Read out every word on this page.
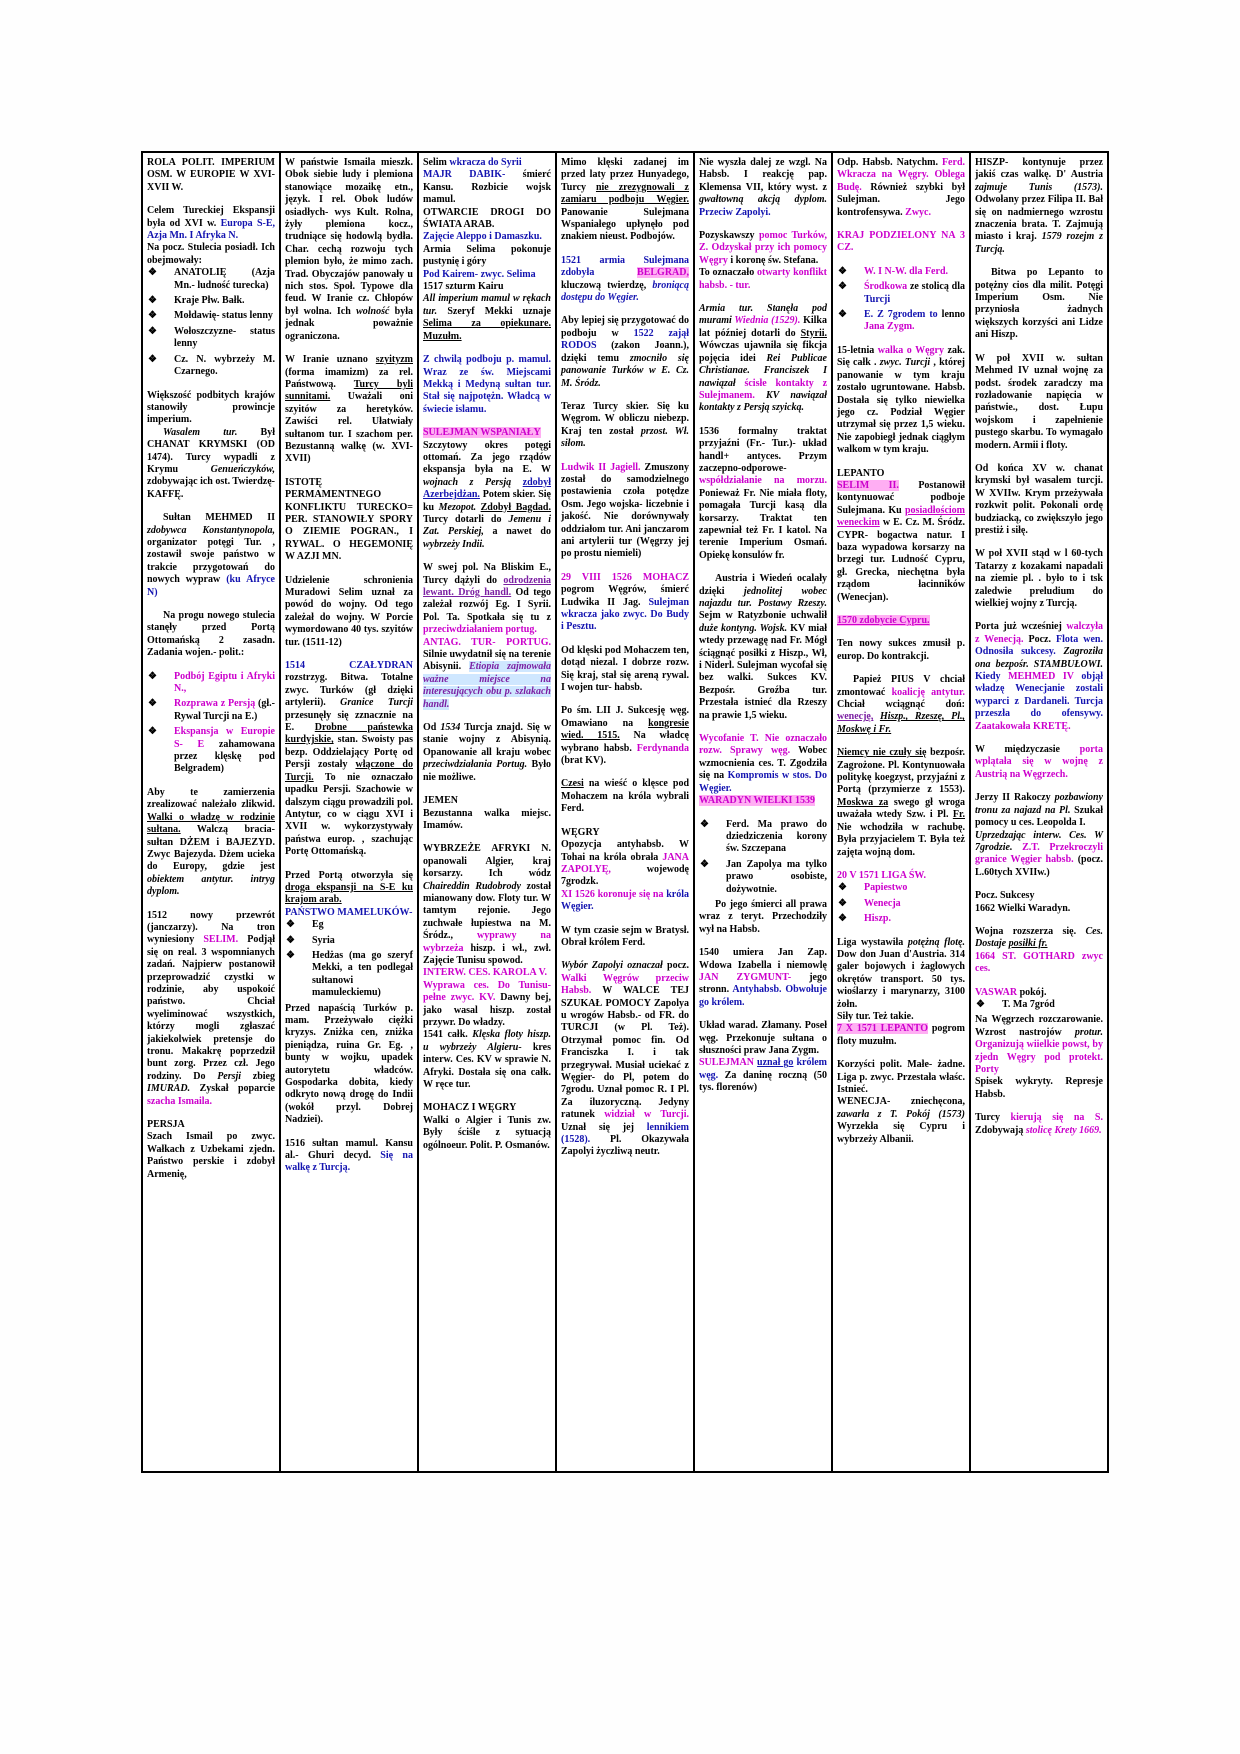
ROLA POLIT. IMPERIUM OSM. W EUROPIE W XVI-XVII W.
Celem Tureckiej Ekspansji była od XVI w. Europa S-E, Azja Mn. I Afryka N.
Na pocz. Stulecia posiadł. Ich obejmowały:
❖	ANATOLIĘ (Azja Mn.- ludność turecka)
❖	Kraje Płw. Bałk.
❖	Mołdawię- status lenny
❖	Wołoszczyzne- status lenny
❖	Cz. N. wybrzeży M. Czarnego.
Większość podbitych krajów stanowiły prowincje imperium.
Wasalem tur. Był CHANAT KRYMSKI (OD 1474). Turcy wypadli z Krymu Genueńczyków, zdobywając ich ost. Twierdzę- KAFFĘ.
Sułtan MEHMED II zdobywca Konstantynopola, organizator potęgi Tur. , zostawił swoje państwo w trakcie przygotowań do nowych wypraw (ku Afryce N)
Na progu nowego stulecia stanęły przed Portą Ottomańską 2 zasadn. Zadania wojen.- polit.:
❖	Podbój Egiptu i Afryki N.,
❖	Rozprawa z Persją (gł.- Rywal Turcji na E.)
❖	Ekspansja w Europie S- E zahamowana przez klęskę pod Belgradem)
Aby te zamierzenia zrealizować należało zlikwid. Walki o władzę w rodzinie sułtana. Walczą bracia- sułtan DŻEM i BAJEZYD. Zwyc Bajezyda. Dżem ucieka do Europy, gdzie jest obiektem antytur. intryg dyplom.
1512 nowy przewrót (janczarzy). Na tron wyniesiony SELIM. Podjął się on real. 3 wspomnianych zadań. Najpierw postanowił przeprowadzić czystki w rodzinie, aby uspokoić państwo. Chciał wyeliminować wszystkich, którzy mogli zgłaszać jakiekolwiek pretensje do tronu. Makakrę poprzedził bunt zorg. Przez czł. Jego rodziny. Do Persji zbieg IMURAD. Zyskał poparcie szacha Ismaila.
PERSJA
Szach Ismail po zwyc. Wałkach z Uzbekami zjedn. Państwo perskie i zdobył Armenię,
W państwie Ismaila mieszk. Obok siebie ludy i plemiona stanowiące mozaikę etn., język. I rel. Obok ludów osiadłych- wys Kult. Rolna, żyły plemiona kocz., trudniące się hodowlą bydła. Char. cechą rozwoju tych plemion było, że mimo zach. Trad. Obyczajów panowały u nich stos. Społ. Typowe dla feud. W Iranie cz. Chłopów był wolna. Ich wolność była jednak poważnie ograniczona.
W Iranie uznano szyityzm (forma imamizm) za rel. Państwową. Turcy byli sunnitami. Uważali oni szyitów za heretyków. Zawiści rel. Ułatwiały sułtanom tur. I szachom per. Bezustanną walkę (w. XVI- XVII)
ISTOTĘ PERMAMENTNEGO KONFLIKTU TURECKO= PER. STANOWIŁY SPORY O ZIEMIE POGRAN., I RYWAL. O HEGEMONIĘ W AZJI MN.
Udzielenie schronienia Muradowi Selim uznał za powód do wojny. Od tego zależał do wojny. W Porcie wymordowano 40 tys. szyitów tur. (1511-12)
1514 CZAŁYDRAN rozstrzyg. Bitwa. Totalne zwyc. Turków (gł dzięki artylerii). Granice Turcji przesunęły się zznacznie na E. Drobne państewka kurdyjskie, stan. Swoisty pas bezp. Oddzielający Portę od Persji zostały włączone do Turcji. To nie oznaczało upadku Persji. Szachowie w dalszym ciągu prowadzili pol. Antytur, co w ciągu XVI i XVII w. wykorzystywały państwa europ. , szachując Portę Ottomańską.
Przed Portą otworzyła się droga ekspansji na S-E ku krajom arab.
PAŃSTWO MAMELUKÓW-
❖	Eg
❖	Syria
❖	Hedżas (ma go szeryf Mekki, a ten podlegał sułtanowi mamuleckiemu)
Przed napaścią Turków p. mam. Przeżywało ciężki kryzys. Zniżka cen, zniżka pieniądza, ruina Gr. Eg. , bunty w wojku, upadek autorytetu władców. Gospodarka dobita, kiedy odkryto nową drogę do Indii (wokół przyl. Dobrej Nadziei).
1516 sułtan mamul. Kansu al.- Ghuri decyd. Się na walkę z Turcją.
Selim wkracza do Syrii
MAJR DABIK- śmierć Kansu. Rozbicie wojsk mamul.
OTWARCIE DROGI DO ŚWIATA ARAB.
Zajęcie Aleppo i Damaszku.
Armia Selima pokonuje pustynię i góry
Pod Kairem- zwyc. Selima
1517 szturm Kairu
All imperium mamul w rękach tur. Szeryf Mekki uznaje Selima za opiekunare. Muzułm.
Z chwilą podboju p. mamul. Wraz ze św. Miejscami Mekką i Medyną sułtan tur. Stał się najpotężn. Władcą w świecie islamu.
SULEJMAN WSPANIAŁY
Szczytowy okres potęgi ottomań. Za jego rządów ekspansja była na E. W wojnach z Persją zdobył Azerbejdżan. Potem skier. Się ku Mezopot. Zdobył Bagdad. Turcy dotarli do Jemenu i Zat. Perskiej, a nawet do wybrzeży Indii.
W swej pol. Na Bliskim E., Turcy dążyli do odrodzenia lewant. Dróg handl. Od tego zależał rozwój Eg. I Syrii. Pol. Ta. Spotkała się tu z przeciwdziałaniem portug.
ANTAG. TUR- PORTUG. Silnie uwydatnił się na terenie Abisynii. Etiopia zajmowała ważne miejsce na interesujących obu p. szlakach handl.
Od 1534 Turcja znajd. Się w stanie wojny z Abisynią. Opanowanie all kraju wobec przeciwdziałania Portug. Było nie możliwe.
JEMEN
Bezustanna walka miejsc. Imamów.
WYBRZEŻE AFRYKI N. opanowali Algier, kraj korsarzy. Ich wódz Chaireddin Rudobrody został mianowany dow. Floty tur. W tamtym rejonie. Jego zuchwałe łupiestwa na M. Śródz., wyprawy na wybrzeża hiszp. i wł., zwł. Zajęcie Tunisu spowod.
INTERW. CES. KAROLA V.
Wyprawa ces. Do Tunisu- pełne zwyc. KV. Dawny bej, jako wasal hiszp. został przywr. Do władzy.
1541 całk. Klęska floty hiszp. u wybrzeży Algieru- kres interw. Ces. KV w sprawie N. Afryki. Dostała się ona całk. W ręce tur.
MOHACZ I WĘGRY
Walki o Algier i Tunis zw. Były ściśle z sytuacją ogólnoeur. Polit. P. Osmanów.
Mimo klęski zadanej im przed laty przez Hunyadego, Turcy nie zrezygnowali z zamiaru podboju Węgier. Panowanie Sulejmana Wspaniałego upłynęło pod znakiem nieust. Podbojów.
1521 armia Sulejmana zdobyła BELGRAD, kluczową twierdzę, broniącą dostępu do Węgier.
Aby lepiej się przygotować do podboju w 1522 zajął RODOS (zakon Joann.), dzięki temu zmocniło się panowanie Turków w E. Cz. M. Śródz.
Teraz Turcy skier. Się ku Węgrom. W obliczu niebezp. Kraj ten został przost. Wł. siłom.
Ludwik II Jagiell. Zmuszony został do samodzielnego postawienia czoła potędze Osm. Jego wojska- liczebnie i jakość. Nie dorównywały oddziałom tur. Ani janczarom ani artylerii tur (Węgrzy jej po prostu niemieli)
29 VIII 1526 MOHACZ pogrom Węgrów, śmierć Ludwika II Jag. Sulejman wkracza jako zwyc. Do Budy i Pesztu.
Od klęski pod Mohaczem ten, dotąd niezal. I dobrze rozw. Się kraj, stał się areną rywal. I wojen tur- habsb.
Po śm. LII J. Sukcesję węg. Omawiano na kongresie wied. 1515. Na władcę wybrano habsb. Ferdynanda (brat KV).
Czesi na wieść o klęsce pod Mohaczem na króla wybrali Ferd.
WĘGRY
Opozycja antyhabsb. W Tohai na króla obrała JANA ZAPOLYĘ, wojewodę 7grodzk.
XI 1526 koronuje się na króla Węgier.
W tym czasie sejm w Bratysł. Obrał królem Ferd.
Wybór Zapolyi oznaczał pocz. Walki Węgrów przeciw Habsb. W WALCE TEJ SZUKAŁ POMOCY Zapolya u wrogów Habsb.- od FR. do TURCJI (w Pl. Też). Otrzymał pomoc fin. Od Franciszka I. i tak przegrywał. Musiał uciekać z Węgier- do Pl, potem do 7grodu. Uznał pomoc R. I Pl. Za iluzoryczną. Jedyny ratunek widział w Turcji. Uznał się jej lennikiem (1528). Pl. Okazywała Zapolyi życzliwą neutr.
Nie wyszła dalej ze wzgl. Na Habsb. I reakcję pap. Klemensa VII, który wyst. z gwałtowną akcją dyplom. Przeciw Zapolyi.
Pozyskawszy pomoc Turków, Z. Odzyskał przy ich pomocy Węgry i koronę św. Stefana.
To oznaczało otwarty konflikt habsb. - tur.
Armia tur. Stanęła pod murami Wiednia (1529). Kilka lat później dotarli do Styrii. Wówczas ujawniła się fikcja pojęcia idei Rei Publicae Christianae. Franciszek I nawiązał ścisłe kontakty z Sulejmanem. KV nawiązał kontakty z Persją szyicką.
1536 formalny traktat przyjaźni (Fr.- Tur.)- układ handl+ antyces. Przym zaczepno-odporowe- współdziałanie na morzu. Ponieważ Fr. Nie miała floty, pomagała Turcji kasą dla korsarzy. Traktat ten zapewniał też Fr. I katol. Na terenie Imperium Osmań. Opiekę konsulów fr.
Austria i Wiedeń ocalały dzięki jednolitej wobec najazdu tur. Postawy Rzeszy. Sejm w Ratyzbonie uchwalił duże kontyng. Wojsk. KV miał wtedy przewagę nad Fr. Mógł ściągnąć posiłki z Hiszp., Wł, i Niderl. Sulejman wycofał się bez walki. Sukces KV. Bezpośr. Groźba tur. Przestała istnieć dla Rzeszy na prawie 1,5 wieku.
Wycofanie T. Nie oznaczało rozw. Sprawy węg. Wobec wzmocnienia ces. T. Zgodziła się na Kompromis w stos. Do Węgier.
WARADYN WIELKI 1539
❖	Ferd. Ma prawo do dziedziczenia korony św. Szczepana
❖	Jan Zapolya ma tylko prawo osobiste, dożywotnie.
Po jego śmierci all prawa wraz z teryt. Przechodziły wył na Habsb.
1540 umiera Jan Zap. Wdowa Izabella i niemowlę JAN ZYGMUNT- jego stronn. Antyhabsb. Obwołuje go królem.
Układ warad. Złamany. Poseł węg. Przekonuje sułtana o słuszności praw Jana Zygm.
SULEJMAN uznał go królem węg. Za daninę roczną (50 tys. florenów)
Odp. Habsb. Natychm. Ferd. Wkracza na Węgry. Oblega Budę. Również szybki był Sulejman. Jego kontrofensywa. Zwyc.
KRAJ PODZIELONY NA 3 CZ.
❖	W. I N-W. dla Ferd.
❖	Środkowa ze stolicą dla Turcji
❖	E. Z 7grodem to lenno Jana Zygm.
15-letnia walka o Węgry zak. Się całk . zwyc. Turcji , której panowanie w tym kraju zostało ugruntowane. Habsb. Dostała się tylko niewielka jego cz. Podział Węgier utrzymał się przez 1,5 wieku. Nie zapobiegł jednak ciągłym walkom w tym kraju.
LEPANTO
SELIM II. Postanowił kontynuować podboje Sulejmana. Ku posiadłościom weneckim w E. Cz. M. Śródz. CYPR- bogactwa natur. I baza wypadowa korsarzy na brzegi tur. Ludność Cypru, gł. Grecka, niechętna była rządom łacinników (Wenecjan).
1570 zdobycie Cypru.
Ten nowy sukces zmusił p. europ. Do kontrakcji.
Papież PIUS V chciał zmontować koalicję antytur. Chciał wciągnąć doń: wenecję, Hiszp., Rzeszę, Pl., Moskwę i Fr.
Niemcy nie czuły się bezpośr. Zagrożone. Pl. Kontynuowała politykę koegzyst, przyjaźni z Portą (przymierze z 1553). Moskwa za swego gł wroga uważała wtedy Szw. i Pl. Fr. Nie wchodziła w rachubę. Była przyjacielem T. Była też zajęta wojną dom.
20 V 1571 LIGA ŚW.
❖	Papiestwo
❖	Wenecja
❖	Hiszp.
Liga wystawiła potężną flotę. Dow don Juan d'Austria. 314 galer bojowych i żaglowych okrętów transport. 50 tys. wioślarzy i marynarzy, 3100 żołn.
Siły tur. Też takie.
7 X 1571 LEPANTO pogrom floty muzułm.
Korzyści polit. Małe- żadne. Liga p. zwyc. Przestała właśc. Istnieć.
WENECJA- zniechęcona, zawarła z T. Pokój (1573) Wyrzekła się Cypru i wybrzeży Albanii.
HISZP- kontynuje przez jakiś czas walkę. D' Austria zajmuje Tunis (1573). Odwołany przez Filipa II. Bał się on nadmiernego wzrostu znaczenia brata. T. Zajmują miasto i kraj. 1579 rozejm z Turcją.
Bitwa po Lepanto to potężny cios dla milit. Potęgi Imperium Osm. Nie przyniosła żadnych większych korzyści ani Lidze ani Hiszp.
W poł XVII w. sułtan Mehmed IV uznał wojnę za podst. środek zaradczy ma rozładowanie napięcia w państwie., dost. Łupu wojskom i zapełnienie pustego skarbu. To wymagało modern. Armii i floty.
Od końca XV w. chanat krymski był wasalem turcji. W XVIIw. Krym przeżywała rozkwit polit. Pokonali ordę budziacką, co zwiększyło jego prestiż i siłę.
W poł XVII stąd w l 60-tych Tatarzy z kozakami napadali na ziemie pl. . było to i tsk zaledwie preludium do wielkiej wojny z Turcją.
Porta już wcześniej walczyła z Wenecją. Pocz. Flota wen. Odnosiła sukcesy. Zagroziła ona bezpośr. STAMBUŁOWI. Kiedy MEHMED IV objął władzę Wenecjanie zostali wyparci z Dardaneli. Turcja przeszła do ofensywy. Zaatakowała KRETĘ.
W międzyczasie porta wplątała się w wojnę z Austrią na Węgrzech.
Jerzy II Rakoczy pozbawiony tronu za najazd na Pl. Szukał pomocy u ces. Leopolda I.
Uprzedzając interw. Ces. W 7grodzie. Z.T. Przekroczyli granice Węgier habsb. (pocz. L.60tych XVIIw.)
Pocz. Sukcesy
1662 Wielki Waradyn.
Wojna rozszerza się. Ces. Dostaje posiłki fr.
1664 ST. GOTHARD zwyc ces.
VASWAR pokój.
❖	T. Ma 7gród
Na Węgrzech rozczarowanie. Wzrost nastrojów protur. Organizują wiielkie powst, by zjedn Węgry pod protekt. Porty
Spisek wykryty. Represje Habsb.
Turcy kierują się na S. Zdobywają stolicę Krety 1669.
